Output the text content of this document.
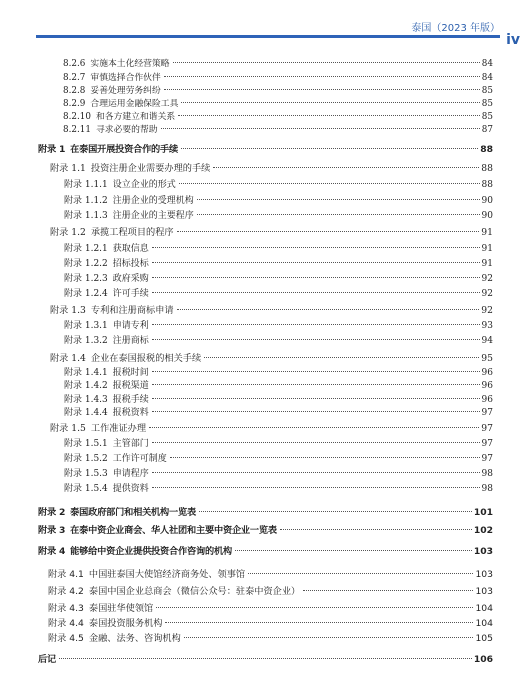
泰国（2023 年版）
iv
8.2.6 实施本土化经营策略	84
8.2.7 审慎选择合作伙伴	84
8.2.8 妥善处理劳务纠纷	85
8.2.9 合理运用金融保险工具	85
8.2.10 和各方建立和谐关系	85
8.2.11 寻求必要的帮助	87
附录 1 在泰国开展投资合作的手续	88
附录 1.1 投资注册企业需要办理的手续	88
附录 1.1.1 设立企业的形式	88
附录 1.1.2 注册企业的受理机构	90
附录 1.1.3 注册企业的主要程序	90
附录 1.2 承揽工程项目的程序	91
附录 1.2.1 获取信息	91
附录 1.2.2 招标投标	91
附录 1.2.3 政府采购	92
附录 1.2.4 许可手续	92
附录 1.3 专利和注册商标申请	92
附录 1.3.1 申请专利	93
附录 1.3.2 注册商标	94
附录 1.4 企业在泰国报税的相关手续	95
附录 1.4.1 报税时间	96
附录 1.4.2 报税渠道	96
附录 1.4.3 报税手续	96
附录 1.4.4 报税资料	97
附录 1.5 工作准证办理	97
附录 1.5.1 主管部门	97
附录 1.5.2 工作许可制度	97
附录 1.5.3 申请程序	98
附录 1.5.4 提供资料	98
附录 2 泰国政府部门和相关机构一览表	101
附录 3 在泰中资企业商会、华人社团和主要中资企业一览表	102
附录 4 能够给中资企业提供投资合作咨询的机构	103
附录 4.1 中国驻泰国大使馆经济商务处、领事馆	103
附录 4.2 泰国中国企业总商会（微信公众号：驻泰中资企业）	103
附录 4.3 泰国驻华使领馆	104
附录 4.4 泰国投资服务机构	104
附录 4.5 金融、法务、咨询机构	105
后记	106
